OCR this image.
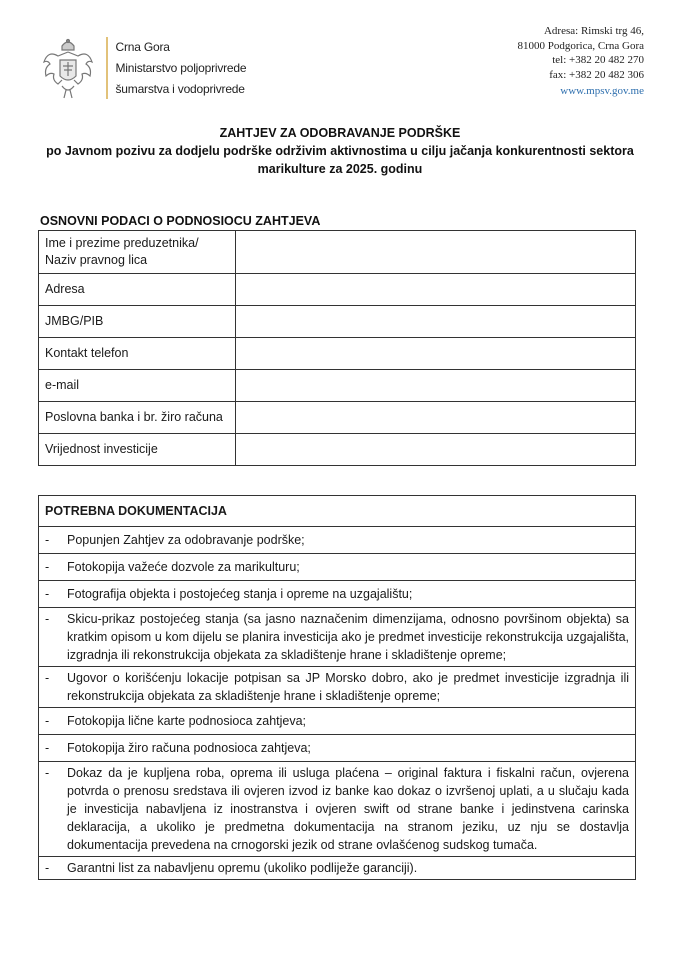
Crna Gora
Ministarstvo poljoprivrede
šumarstva i vodoprivrede
Adresa: Rimski trg 46,
81000 Podgorica, Crna Gora
tel: +382 20 482 270
fax: +382 20 482 306
www.mpsv.gov.me
ZAHTJEV ZA ODOBRAVANJE PODRŠKE
po Javnom pozivu za dodjelu podrške održivim aktivnostima u cilju jačanja konkurentnosti sektora
marikulture za 2025. godinu
OSNOVNI PODACI O PODNOSIOCU ZAHTJEVA
Ime i prezime preduzetnika/
Naziv pravnog lica	

Adresa	
JMBG/PIB	
Kontakt telefon	
e-mail	
Poslovna banka i br. žiro računa	
Vrijednost investicije	
POTREBNA DOKUMENTACIJA

-	Popunjen Zahtjev za odobravanje podrške;

-	Fotokopija važeće dozvole za marikulturu;

-	Fotografija objekta i postojećeg stanja i opreme na uzgajalištu;

-	Skicu-prikaz postojećeg stanja (sa jasno naznačenim dimenzijama, odnosno površinom objekta) sa kratkim opisom u kom dijelu se planira investicija ako je predmet investicije rekonstrukcija uzgajališta, izgradnja ili rekonstrukcija objekata za skladištenje hrane i skladištenje opreme;

-	Ugovor o korišćenju lokacije potpisan sa JP Morsko dobro, ako je predmet investicije izgradnja ili rekonstrukcija objekata za skladištenje hrane i skladištenje opreme;

-	Fotokopija lične karte podnosioca zahtjeva;

-	Fotokopija žiro računa podnosioca zahtjeva;

-	Dokaz da je kupljena roba, oprema ili usluga plaćena – original faktura i fiskalni račun, ovjerena potvrda o prenosu sredstava ili ovjeren izvod iz banke kao dokaz o izvršenoj uplati, a u slučaju kada je investicija nabavljena iz inostranstva i ovjeren swift od strane banke i jedinstvena carinska deklaracija, a ukoliko je predmetna dokumentacija na stranom jeziku, uz nju se dostavlja dokumentacija prevedena na crnogorski jezik od strane ovlašćenog sudskog tumača.

-	Garantni list za nabavljenu opremu (ukoliko podliježe garanciji).
